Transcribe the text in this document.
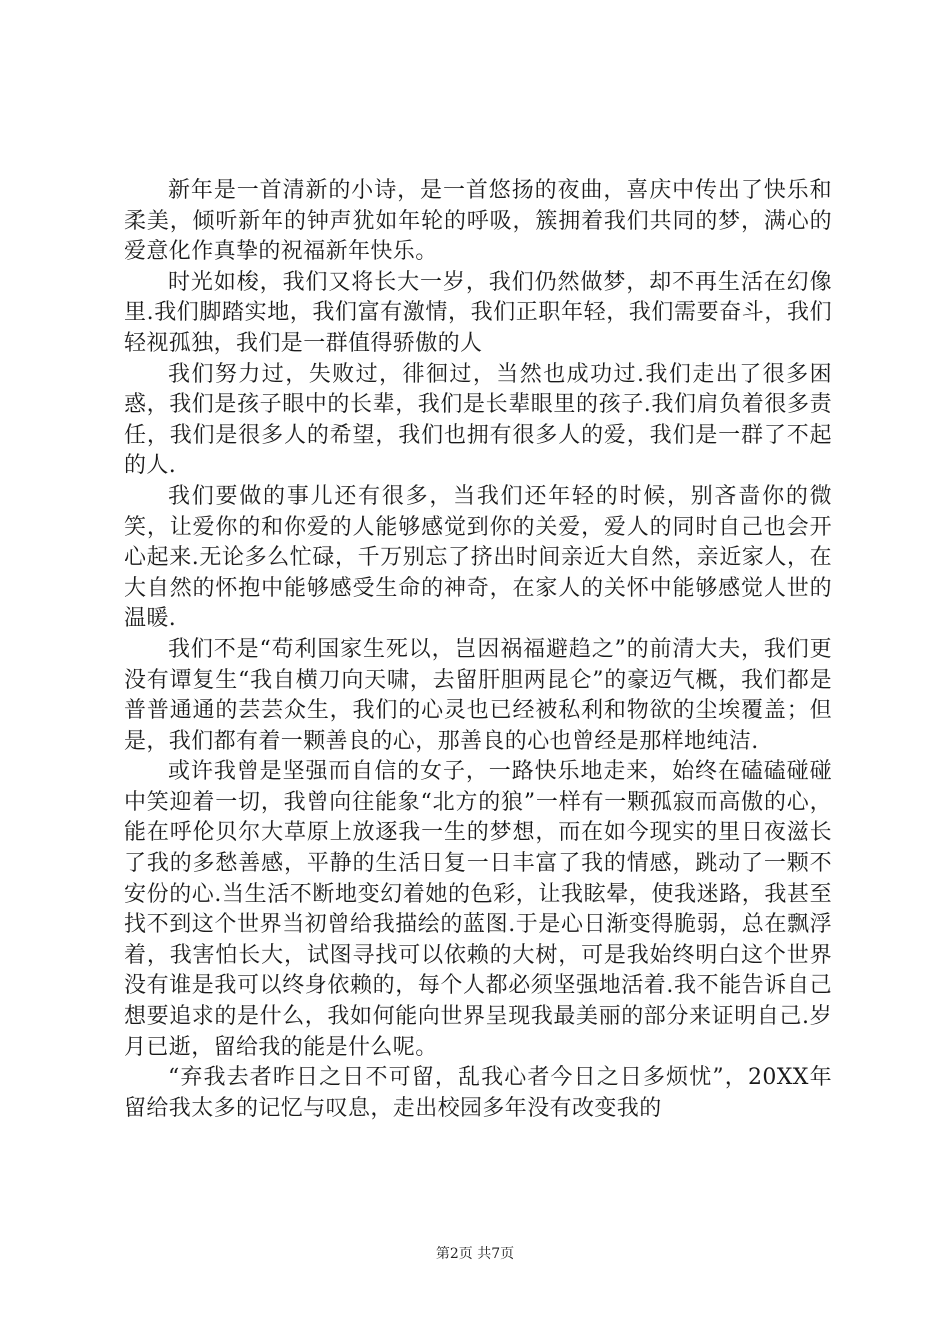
新年是一首清新的小诗，是一首悠扬的夜曲，喜庆中传出了快乐和柔美，倾听新年的钟声犹如年轮的呼吸，簇拥着我们共同的梦，满心的爱意化作真挚的祝福新年快乐。

时光如梭，我们又将长大一岁，我们仍然做梦，却不再生活在幻像里.我们脚踏实地，我们富有激情，我们正职年轻，我们需要奋斗，我们轻视孤独，我们是一群值得骄傲的人

我们努力过，失败过，徘徊过，当然也成功过.我们走出了很多困惑，我们是孩子眼中的长辈，我们是长辈眼里的孩子.我们肩负着很多责任，我们是很多人的希望，我们也拥有很多人的爱，我们是一群了不起的人.

我们要做的事儿还有很多，当我们还年轻的时候，别吝啬你的微笑，让爱你的和你爱的人能够感觉到你的关爱，爱人的同时自己也会开心起来.无论多么忙碌，千万别忘了挤出时间亲近大自然，亲近家人，在大自然的怀抱中能够感受生命的神奇，在家人的关怀中能够感觉人世的温暖.

我们不是“苟利国家生死以，岂因祸福避趋之”的前清大夫，我们更没有谭复生“我自横刀向天啸，去留肝胆两昆仑”的豪迈气概，我们都是普普通通的芸芸众生，我们的心灵也已经被私利和物欲的尘埃覆盖；但是，我们都有着一颗善良的心，那善良的心也曾经是那样地纯洁.

或许我曾是坚强而自信的女子，一路快乐地走来，始终在磕磕碰碰中笑迎着一切，我曾向往能象“北方的狼”一样有一颗孤寂而高傲的心，能在呼伦贝尔大草原上放逐我一生的梦想，而在如今现实的里日夜滋长了我的多愁善感，平静的生活日复一日丰富了我的情感，跳动了一颗不安份的心.当生活不断地变幻着她的色彩，让我眩晕，使我迷路，我甚至找不到这个世界当初曾给我描绘的蓝图.于是心日渐变得脆弱，总在飘浮着，我害怕长大，试图寻找可以依赖的大树，可是我始终明白这个世界没有谁是我可以终身依赖的，每个人都必须坚强地活着.我不能告诉自己想要追求的是什么，我如何能向世界呈现我最美丽的部分来证明自己.岁月已逝，留给我的能是什么呢。

“弃我去者昨日之日不可留，乱我心者今日之日多烦忧”，20XX年留给我太多的记忆与叹息，走出校园多年没有改变我的

第2页 共7页
